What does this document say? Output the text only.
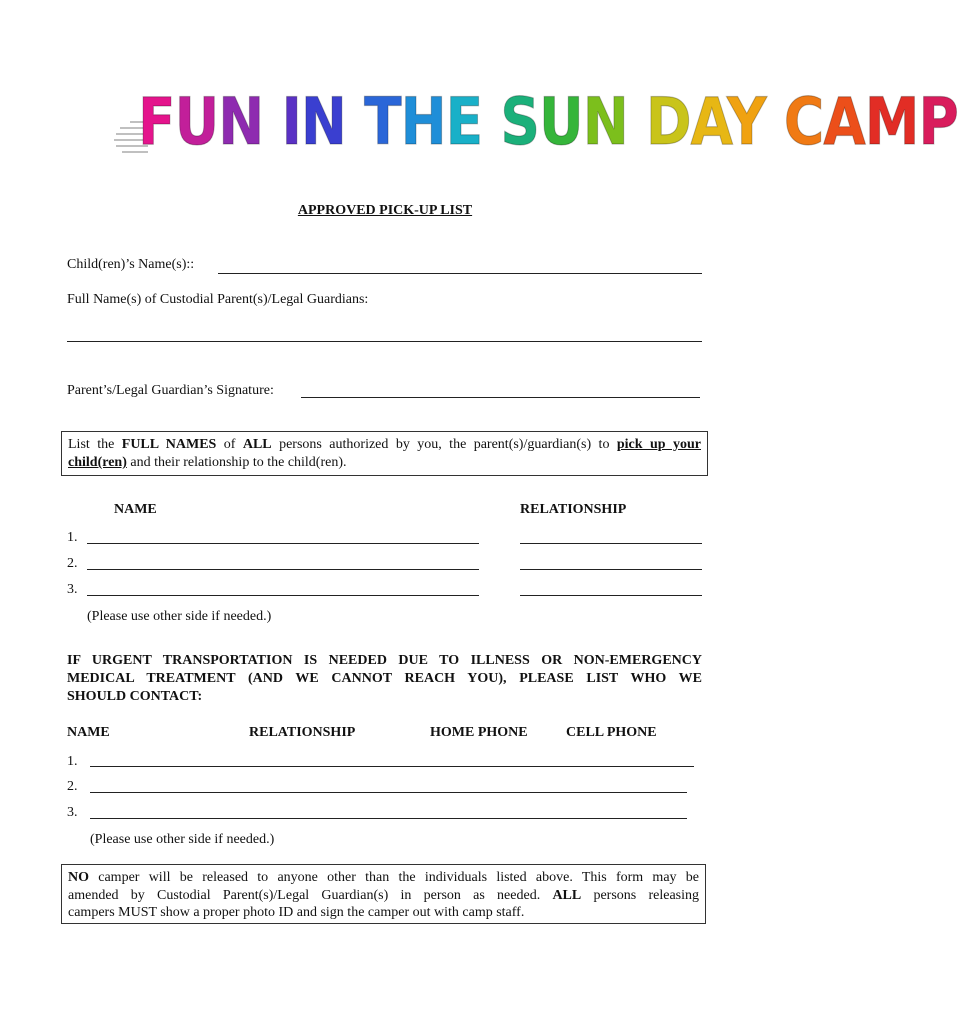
FUN IN THE SUN DAY CAMP
APPROVED PICK-UP LIST
Child(ren)’s Name(s)::
Full Name(s) of Custodial Parent(s)/Legal Guardians:
Parent’s/Legal Guardian’s Signature:
List the FULL NAMES of ALL persons authorized by you, the parent(s)/guardian(s) to pick up your
child(ren) and their relationship to the child(ren).
NAME	RELATIONSHIP
1.
2.
3.
(Please use other side if needed.)
IF URGENT TRANSPORTATION IS NEEDED DUE TO ILLNESS OR NON-EMERGENCY
MEDICAL TREATMENT (AND WE CANNOT REACH YOU), PLEASE LIST WHO WE
SHOULD CONTACT:
NAME	RELATIONSHIP	HOME PHONE	CELL PHONE
1.
2.
3.
(Please use other side if needed.)
NO camper will be released to anyone other than the individuals listed above. This form may be
amended by Custodial Parent(s)/Legal Guardian(s) in person as needed. ALL persons releasing
campers MUST show a proper photo ID and sign the camper out with camp staff.
